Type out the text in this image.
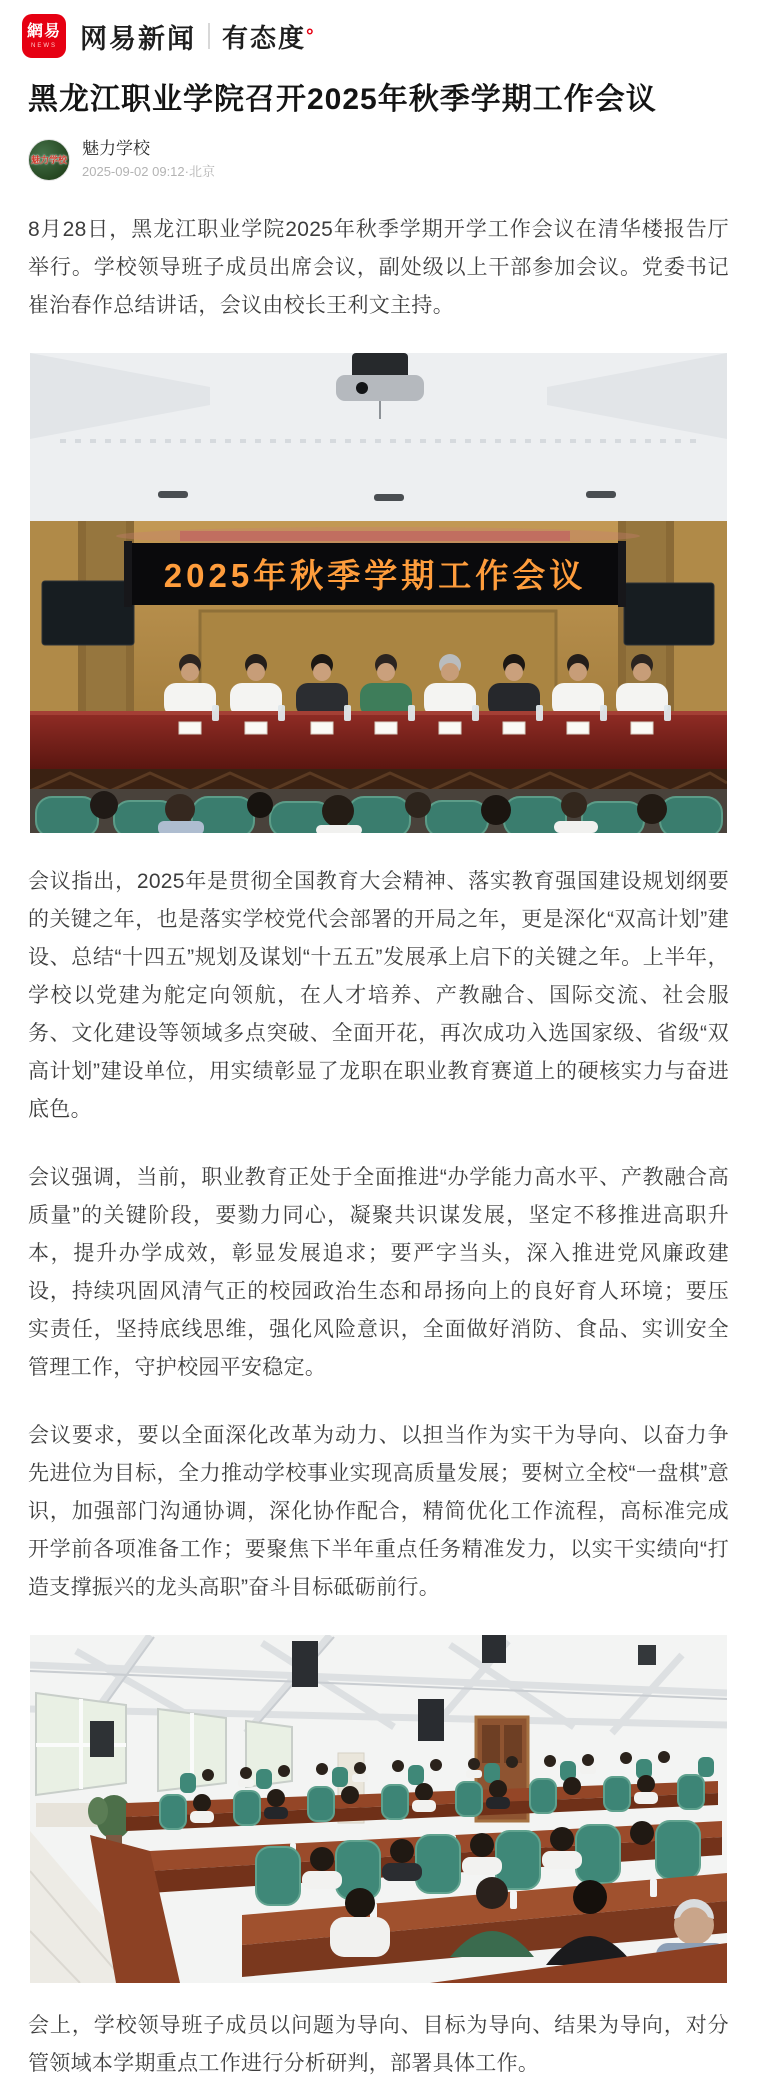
網易
NEWS 网易新闻 有态度 °
黑龙江职业学院召开2025年秋季学期工作会议
魅力学校
魅力学校
2025-09-02 09:12·北京

8月28日，黑龙江职业学院2025年秋季学期开学工作会议在清华楼报告厅举行。学校领导班子成员出席会议，副处级以上干部参加会议。党委书记崔治春作总结讲话，会议由校长王利文主持。

2025年秋季学期工作会议

会议指出，2025年是贯彻全国教育大会精神、落实教育强国建设规划纲要的关键之年，也是落实学校党代会部署的开局之年，更是深化“双高计划”建设、总结“十四五”规划及谋划“十五五”发展承上启下的关键之年。上半年，学校以党建为舵定向领航，在人才培养、产教融合、国际交流、社会服务、文化建设等领域多点突破、全面开花，再次成功入选国家级、省级“双高计划”建设单位，用实绩彰显了龙职在职业教育赛道上的硬核实力与奋进底色。

会议强调，当前，职业教育正处于全面推进“办学能力高水平、产教融合高质量”的关键阶段，要勠力同心，凝聚共识谋发展，坚定不移推进高职升本，提升办学成效，彰显发展追求；要严字当头，深入推进党风廉政建设，持续巩固风清气正的校园政治生态和昂扬向上的良好育人环境；要压实责任，坚持底线思维，强化风险意识，全面做好消防、食品、实训安全管理工作，守护校园平安稳定。

会议要求，要以全面深化改革为动力、以担当作为实干为导向、以奋力争先进位为目标，全力推动学校事业实现高质量发展；要树立全校“一盘棋”意识，加强部门沟通协调，深化协作配合，精简优化工作流程，高标准完成开学前各项准备工作；要聚焦下半年重点任务精准发力，以实干实绩向“打造支撑振兴的龙头高职”奋斗目标砥砺前行。

会上，学校领导班子成员以问题为导向、目标为导向、结果为导向，对分管领域本学期重点工作进行分析研判，部署具体工作。
